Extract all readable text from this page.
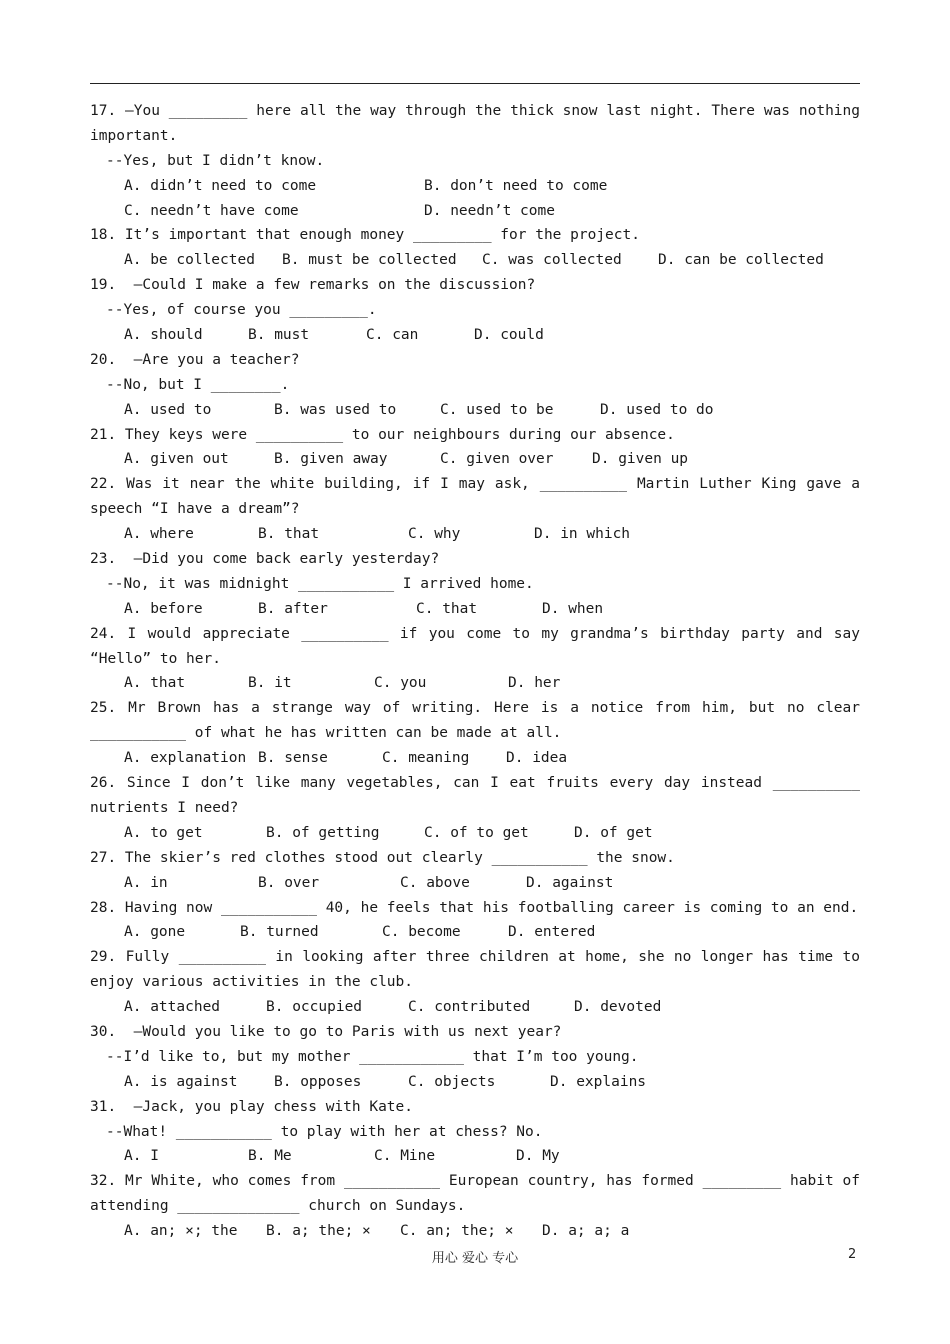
17. –You _________ here all the way through the thick snow last night. There was nothing
important.
--Yes, but I didn’t know.
A. didn’t need to come	B. don’t need to come
C. needn’t have come	D. needn’t come
18. It’s important that enough money _________ for the project.
A. be collected	B. must be collected	C. was collected	D. can be collected
19.  –Could I make a few remarks on the discussion?
--Yes, of course you _________.
A. should	B. must	C. can	D. could
20.  –Are you a teacher?
--No, but I ________.
A. used to	B. was used to	C. used to be	D. used to do
21. They keys were __________ to our neighbours during our absence.
A. given out	B. given away	C. given over	D. given up
22. Was it near the white building, if I may ask, __________ Martin Luther King gave a
speech “I have a dream”?
A. where	B. that	C. why	D. in which
23.  –Did you come back early yesterday?
--No, it was midnight ___________ I arrived home.
A. before	B. after	C. that	D. when
24. I would appreciate __________ if you come to my grandma’s birthday party and say
“Hello” to her.
A. that	B. it	C. you	D. her
25. Mr Brown has a strange way of writing. Here is a notice from him, but no clear
___________ of what he has written can be made at all.
A. explanation B. sense	C. meaning	D. idea
26. Since I don’t like many vegetables, can I eat fruits every day instead __________
nutrients I need?
A. to get	B. of getting	C. of to get	D. of get
27. The skier’s red clothes stood out clearly ___________ the snow.
A. in	B. over	C. above	D. against
28. Having now ___________ 40, he feels that his footballing career is coming to an end.
A. gone	B. turned	C. become	D. entered
29. Fully __________ in looking after three children at home, she no longer has time to
enjoy various activities in the club.
A. attached	B. occupied	C. contributed	D. devoted
30.  –Would you like to go to Paris with us next year?
--I’d like to, but my mother ____________ that I’m too young.
A. is against	B. opposes	C. objects	D. explains
31.  –Jack, you play chess with Kate.
--What! ___________ to play with her at chess? No.
A. I	B. Me	C. Mine	D. My
32. Mr White, who comes from ___________ European country, has formed _________ habit of
attending ______________ church on Sundays.
A. an; ×; the	B. a; the; ×	C. an; the; ×	D. a; a; a
用心 爱心 专心	2
